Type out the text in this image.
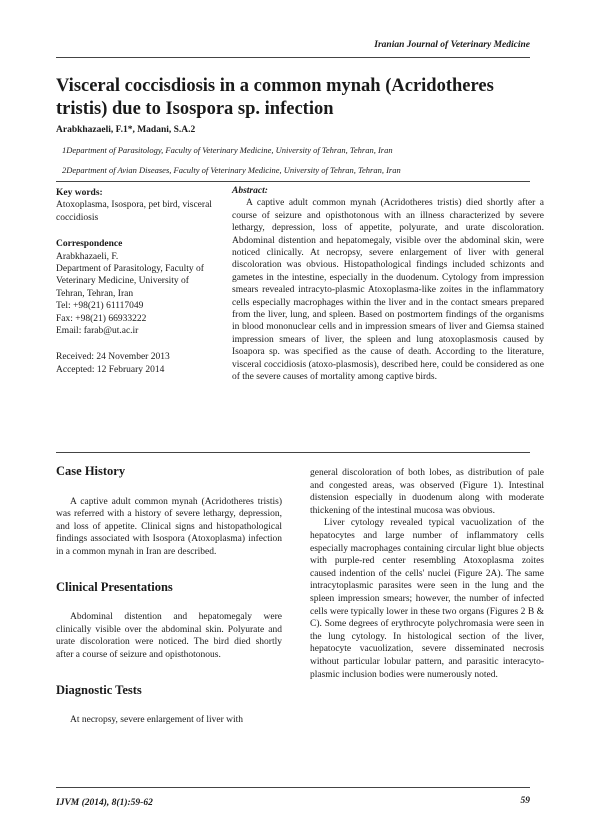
Iranian Journal of Veterinary Medicine
Visceral coccisdiosis in a common mynah (Acridotheres tristis) due to Isospora sp. infection
Arabkhazaeli, F.1*, Madani, S.A.2
1Department of Parasitology, Faculty of Veterinary Medicine, University of Tehran, Tehran, Iran
2Department of Avian Diseases, Faculty of Veterinary Medicine, University of Tehran, Tehran, Iran
Key words:

Atoxoplasma, Isospora, pet bird, visceral coccidiosis

Correspondence

Arabkhazaeli, F.

Department of Parasitology, Faculty of Veterinary Medicine, University of Tehran, Tehran, Iran

Tel: +98(21) 61117049

Fax: +98(21) 66933222

Email: farab@ut.ac.ir

Received: 24 November 2013

Accepted: 12 February 2014

Abstract:

A captive adult common mynah (Acridotheres tristis) died shortly after a course of seizure and opisthotonous with an illness characterized by severe lethargy, depression, loss of appetite, polyurate, and urate discoloration. Abdominal distention and hepatomegaly, visible over the abdominal skin, were noticed clinically. At necropsy, severe enlargement of liver with general discoloration was obvious. Histopathological findings included schizonts and gametes in the intestine, especially in the duodenum. Cytology from impression smears revealed intracyto-plasmic Atoxoplasma-like zoites in the inflammatory cells especially macrophages within the liver and in the contact smears prepared from the liver, lung, and spleen. Based on postmortem findings of the organisms in blood mononuclear cells and in impression smears of liver and Giemsa stained impression smears of liver, the spleen and lung atoxoplasmosis caused by Isoapora sp. was specified as the cause of death. According to the literature, visceral coccidiosis (atoxo-plasmosis), described here, could be considered as one of the severe causes of mortality among captive birds.

Case History

A captive adult common mynah (Acridotheres tristis) was referred with a history of severe lethargy, depression, and loss of appetite. Clinical signs and histopathological findings associated with Isospora (Atoxoplasma) infection in a common mynah in Iran are described.

Clinical Presentations

Abdominal distention and hepatomegaly were clinically visible over the abdominal skin. Polyurate and urate discoloration were noticed. The bird died shortly after a course of seizure and opisthotonous.

Diagnostic Tests

At necropsy, severe enlargement of liver with

general discoloration of both lobes, as distribution of pale and congested areas, was observed (Figure 1). Intestinal distension especially in duodenum along with moderate thickening of the intestinal mucosa was obvious.

Liver cytology revealed typical vacuolization of the hepatocytes and large number of inflammatory cells especially macrophages containing circular light blue objects with purple-red center resembling Atoxoplasma zoites caused indention of the cells' nuclei (Figure 2A). The same intracytoplasmic parasites were seen in the lung and the spleen impression smears; however, the number of infected cells were typically lower in these two organs (Figures 2 B & C). Some degrees of erythrocyte polychromasia were seen in the lung cytology. In histological section of the liver, hepatocyte vacuolization, severe disseminated necrosis without particular lobular pattern, and parasitic interacyto-plasmic inclusion bodies were numerously noted.

IJVM (2014), 8(1):59-62	59
